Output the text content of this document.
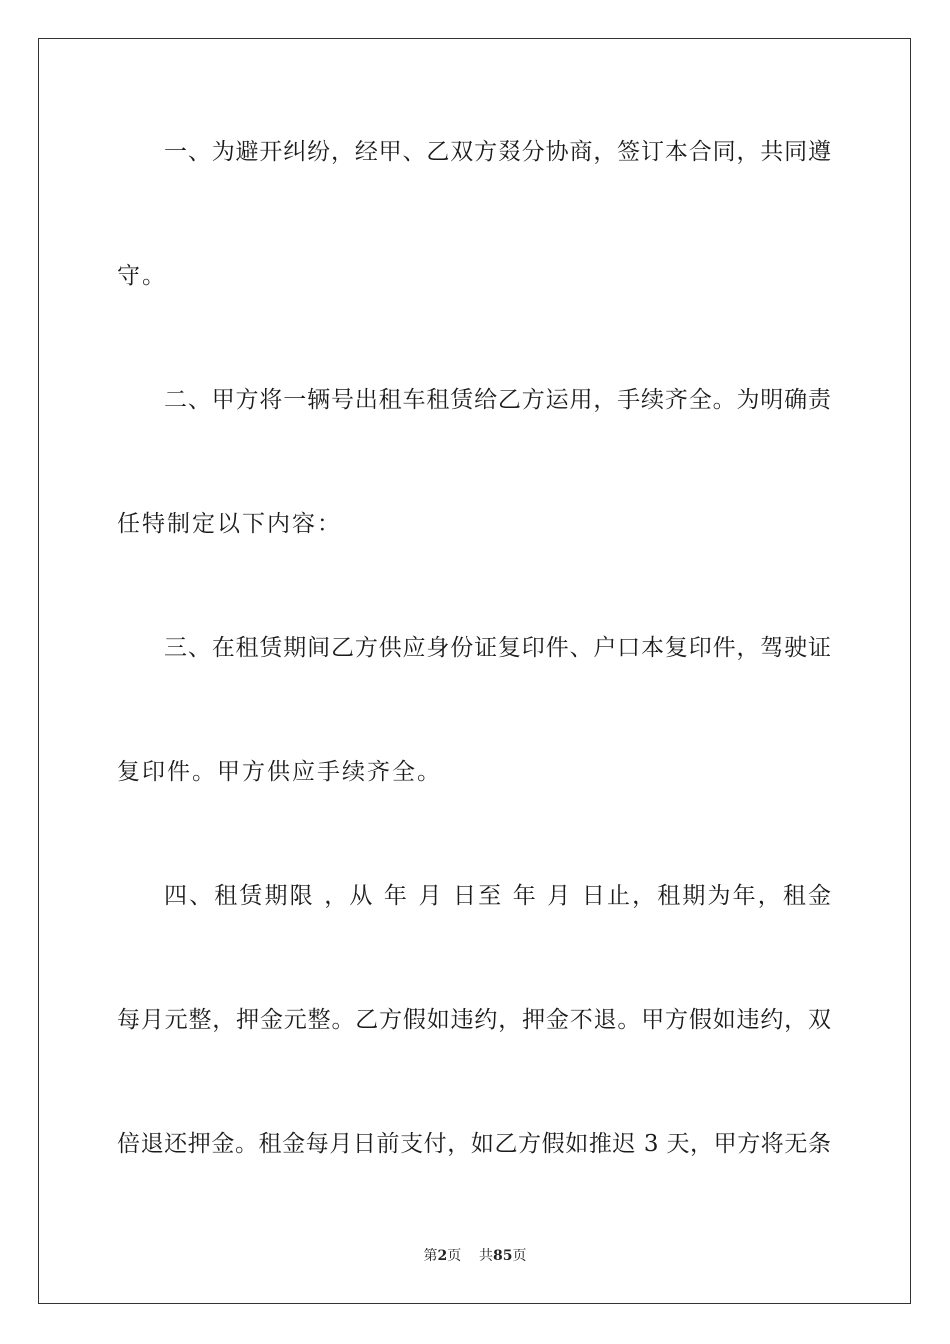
一、为避开纠纷，经甲、乙双方叕分协商，签订本合同，共同遵
守。
二、甲方将一辆号出租车租赁给乙方运用，手续齐全。为明确责
任特制定以下内容：
三、在租赁期间乙方供应身份证复印件、户口本复印件，驾驶证
复印件。甲方供应手续齐全。
四、租赁期限 ，从 年 月 日至 年 月 日止，租期为年，租金
每月元整，押金元整。乙方假如违约，押金不退。甲方假如违约，双
倍退还押金。租金每月日前支付，如乙方假如推迟 3 天，甲方将无条
第2页 共85页
